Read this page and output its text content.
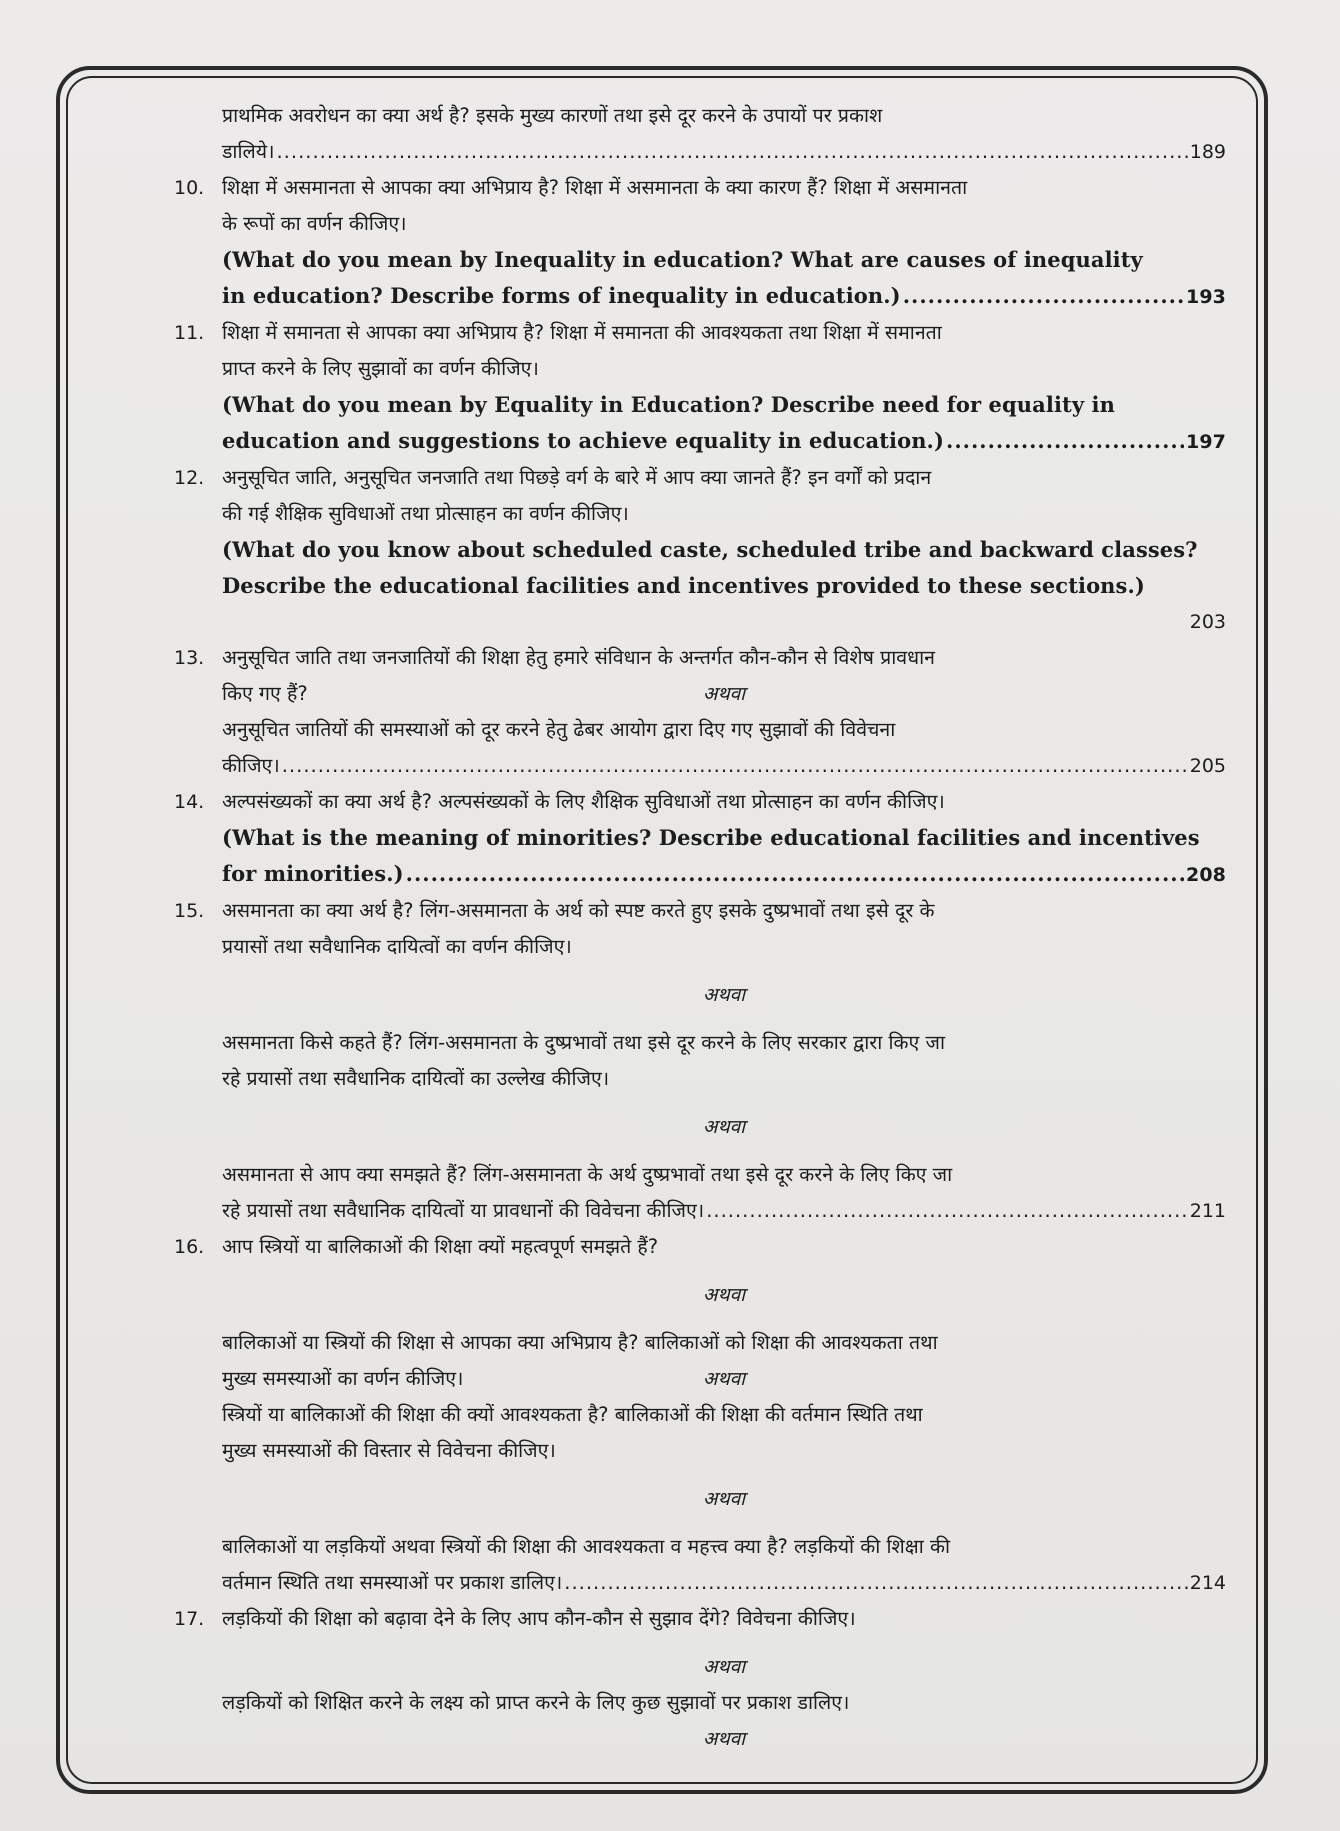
प्राथमिक अवरोधन का क्या अर्थ है? इसके मुख्य कारणों तथा इसे दूर करने के उपायों पर प्रकाश
डालिये। .....	189
10. शिक्षा में असमानता से आपका क्या अभिप्राय है? शिक्षा में असमानता के क्या कारण हैं? शिक्षा में असमानता
के रूपों का वर्णन कीजिए।
(What do you mean by Inequality in education? What are causes of inequality
in education? Describe forms of inequality in education.) .....	193
11. शिक्षा में समानता से आपका क्या अभिप्राय है? शिक्षा में समानता की आवश्यकता तथा शिक्षा में समानता
प्राप्त करने के लिए सुझावों का वर्णन कीजिए।
(What do you mean by Equality in Education? Describe need for equality in
education and suggestions to achieve equality in education.) .....	197
12. अनुसूचित जाति, अनुसूचित जनजाति तथा पिछड़े वर्ग के बारे में आप क्या जानते हैं? इन वर्गों को प्रदान
की गई शैक्षिक सुविधाओं तथा प्रोत्साहन का वर्णन कीजिए।
(What do you know about scheduled caste, scheduled tribe and backward classes?
Describe the educational facilities and incentives provided to these sections.)
203
13. अनुसूचित जाति तथा जनजातियों की शिक्षा हेतु हमारे संविधान के अन्तर्गत कौन-कौन से विशेष प्रावधान
किए गए हैं?	अथवा
अनुसूचित जातियों की समस्याओं को दूर करने हेतु ढेबर आयोग द्वारा दिए गए सुझावों की विवेचना
कीजिए। .....	205
14. अल्पसंख्यकों का क्या अर्थ है? अल्पसंख्यकों के लिए शैक्षिक सुविधाओं तथा प्रोत्साहन का वर्णन कीजिए।
(What is the meaning of minorities? Describe educational facilities and incentives
for minorities.) .....	208
15. असमानता का क्या अर्थ है? लिंग-असमानता के अर्थ को स्पष्ट करते हुए इसके दुष्प्रभावों तथा इसे दूर के
प्रयासों तथा सवैधानिक दायित्वों का वर्णन कीजिए।
अथवा
असमानता किसे कहते हैं? लिंग-असमानता के दुष्प्रभावों तथा इसे दूर करने के लिए सरकार द्वारा किए जा
रहे प्रयासों तथा सवैधानिक दायित्वों का उल्लेख कीजिए।
अथवा
असमानता से आप क्या समझते हैं? लिंग-असमानता के अर्थ दुष्प्रभावों तथा इसे दूर करने के लिए किए जा
रहे प्रयासों तथा सवैधानिक दायित्वों या प्रावधानों की विवेचना कीजिए। .....	211
16. आप स्त्रियों या बालिकाओं की शिक्षा क्यों महत्वपूर्ण समझते हैं?
अथवा
बालिकाओं या स्त्रियों की शिक्षा से आपका क्या अभिप्राय है? बालिकाओं को शिक्षा की आवश्यकता तथा
मुख्य समस्याओं का वर्णन कीजिए।	अथवा
स्त्रियों या बालिकाओं की शिक्षा की क्यों आवश्यकता है? बालिकाओं की शिक्षा की वर्तमान स्थिति तथा
मुख्य समस्याओं की विस्तार से विवेचना कीजिए।
अथवा
बालिकाओं या लड़कियों अथवा स्त्रियों की शिक्षा की आवश्यकता व महत्त्व क्या है? लड़कियों की शिक्षा की
वर्तमान स्थिति तथा समस्याओं पर प्रकाश डालिए। .....	214
17. लड़कियों की शिक्षा को बढ़ावा देने के लिए आप कौन-कौन से सुझाव देंगे? विवेचना कीजिए।
अथवा
लड़कियों को शिक्षित करने के लक्ष्य को प्राप्त करने के लिए कुछ सुझावों पर प्रकाश डालिए।
अथवा
